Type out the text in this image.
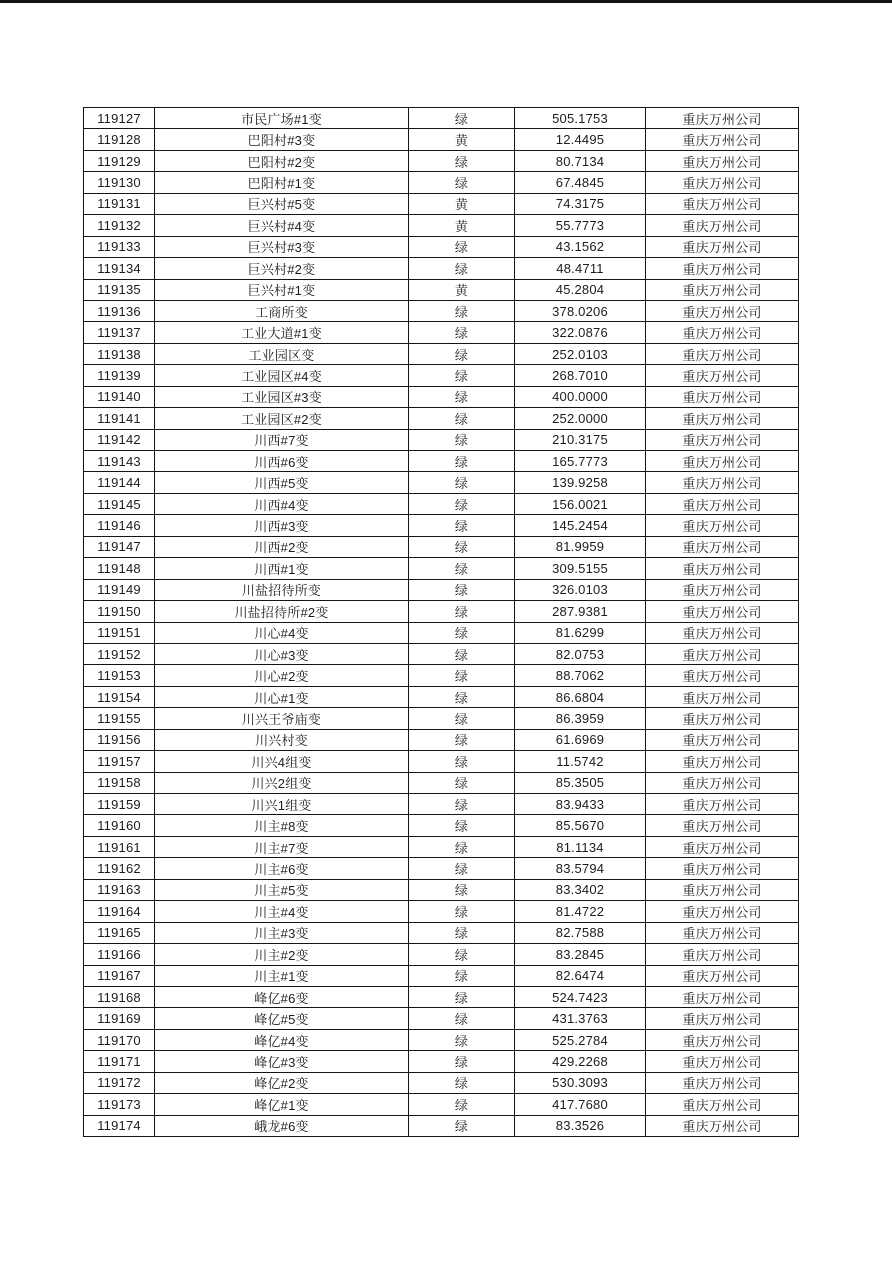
119127	市民广场#1变	绿	505.1753	重庆万州公司
119128	巴阳村#3变	黄	12.4495	重庆万州公司
119129	巴阳村#2变	绿	80.7134	重庆万州公司
119130	巴阳村#1变	绿	67.4845	重庆万州公司
119131	巨兴村#5变	黄	74.3175	重庆万州公司
119132	巨兴村#4变	黄	55.7773	重庆万州公司
119133	巨兴村#3变	绿	43.1562	重庆万州公司
119134	巨兴村#2变	绿	48.4711	重庆万州公司
119135	巨兴村#1变	黄	45.2804	重庆万州公司
119136	工商所变	绿	378.0206	重庆万州公司
119137	工业大道#1变	绿	322.0876	重庆万州公司
119138	工业园区变	绿	252.0103	重庆万州公司
119139	工业园区#4变	绿	268.7010	重庆万州公司
119140	工业园区#3变	绿	400.0000	重庆万州公司
119141	工业园区#2变	绿	252.0000	重庆万州公司
119142	川西#7变	绿	210.3175	重庆万州公司
119143	川西#6变	绿	165.7773	重庆万州公司
119144	川西#5变	绿	139.9258	重庆万州公司
119145	川西#4变	绿	156.0021	重庆万州公司
119146	川西#3变	绿	145.2454	重庆万州公司
119147	川西#2变	绿	81.9959	重庆万州公司
119148	川西#1变	绿	309.5155	重庆万州公司
119149	川盐招待所变	绿	326.0103	重庆万州公司
119150	川盐招待所#2变	绿	287.9381	重庆万州公司
119151	川心#4变	绿	81.6299	重庆万州公司
119152	川心#3变	绿	82.0753	重庆万州公司
119153	川心#2变	绿	88.7062	重庆万州公司
119154	川心#1变	绿	86.6804	重庆万州公司
119155	川兴王爷庙变	绿	86.3959	重庆万州公司
119156	川兴村变	绿	61.6969	重庆万州公司
119157	川兴4组变	绿	11.5742	重庆万州公司
119158	川兴2组变	绿	85.3505	重庆万州公司
119159	川兴1组变	绿	83.9433	重庆万州公司
119160	川主#8变	绿	85.5670	重庆万州公司
119161	川主#7变	绿	81.1134	重庆万州公司
119162	川主#6变	绿	83.5794	重庆万州公司
119163	川主#5变	绿	83.3402	重庆万州公司
119164	川主#4变	绿	81.4722	重庆万州公司
119165	川主#3变	绿	82.7588	重庆万州公司
119166	川主#2变	绿	83.2845	重庆万州公司
119167	川主#1变	绿	82.6474	重庆万州公司
119168	峰亿#6变	绿	524.7423	重庆万州公司
119169	峰亿#5变	绿	431.3763	重庆万州公司
119170	峰亿#4变	绿	525.2784	重庆万州公司
119171	峰亿#3变	绿	429.2268	重庆万州公司
119172	峰亿#2变	绿	530.3093	重庆万州公司
119173	峰亿#1变	绿	417.7680	重庆万州公司
119174	峨龙#6变	绿	83.3526	重庆万州公司
